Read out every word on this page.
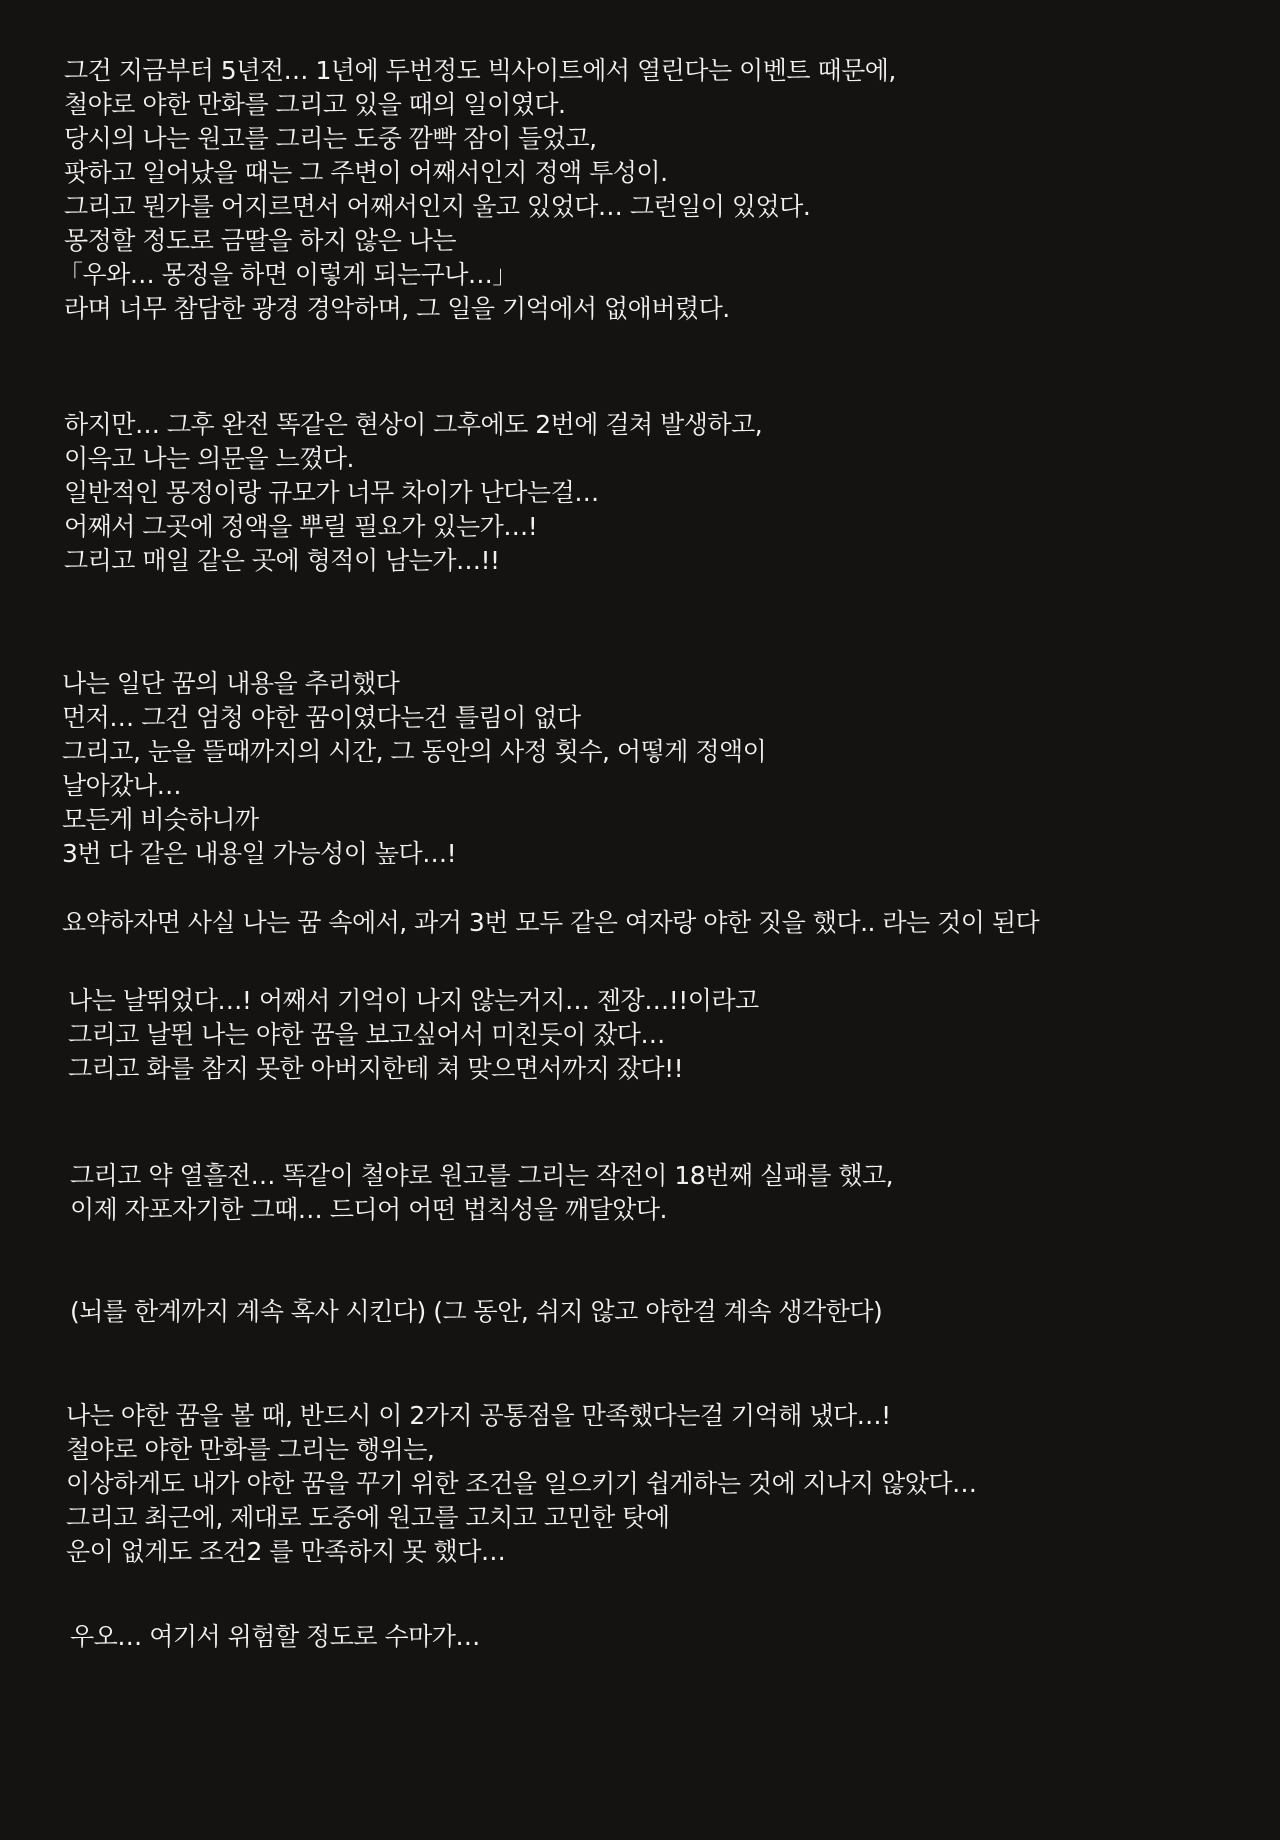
그건 지금부터 5년전… 1년에 두번정도 빅사이트에서 열린다는 이벤트 때문에,
철야로 야한 만화를 그리고 있을 때의 일이였다.
당시의 나는 원고를 그리는 도중 깜빡 잠이 들었고,
팟하고 일어났을 때는 그 주변이 어째서인지 정액 투성이.
그리고 뭔가를 어지르면서 어째서인지 울고 있었다… 그런일이 있었다.
몽정할 정도로 금딸을 하지 않은 나는
「우와… 몽정을 하면 이렇게 되는구나…」
라며 너무 참담한 광경 경악하며, 그 일을 기억에서 없애버렸다.
하지만… 그후 완전 똑같은 현상이 그후에도 2번에 걸쳐 발생하고,
이윽고 나는 의문을 느꼈다.
일반적인 몽정이랑 규모가 너무 차이가 난다는걸…
어째서 그곳에 정액을 뿌릴 필요가 있는가…!
그리고 매일 같은 곳에 형적이 남는가…!!
나는 일단 꿈의 내용을 추리했다
먼저… 그건 엄청 야한 꿈이였다는건 틀림이 없다
그리고, 눈을 뜰때까지의 시간, 그 동안의 사정 횟수, 어떻게 정액이
날아갔나…
모든게 비슷하니까
3번 다 같은 내용일 가능성이 높다…!
요약하자면 사실 나는 꿈 속에서, 과거 3번 모두 같은 여자랑 야한 짓을 했다.. 라는 것이 된다
나는 날뛰었다…! 어째서 기억이 나지 않는거지… 젠장…!!이라고
그리고 날뛴 나는 야한 꿈을 보고싶어서 미친듯이 잤다…
그리고 화를 참지 못한 아버지한테 쳐 맞으면서까지 잤다!!
그리고 약 열흘전… 똑같이 철야로 원고를 그리는 작전이 18번째 실패를 했고,
이제 자포자기한 그때… 드디어 어떤 법칙성을 깨달았다.
(뇌를 한계까지 계속 혹사 시킨다) (그 동안, 쉬지 않고 야한걸 계속 생각한다)
나는 야한 꿈을 볼 때, 반드시 이 2가지 공통점을 만족했다는걸 기억해 냈다…!
철야로 야한 만화를 그리는 행위는,
이상하게도 내가 야한 꿈을 꾸기 위한 조건을 일으키기 쉽게하는 것에 지나지 않았다…
그리고 최근에, 제대로 도중에 원고를 고치고 고민한 탓에
운이 없게도 조건2 를 만족하지 못 했다…
우오… 여기서 위험할 정도로 수마가…
